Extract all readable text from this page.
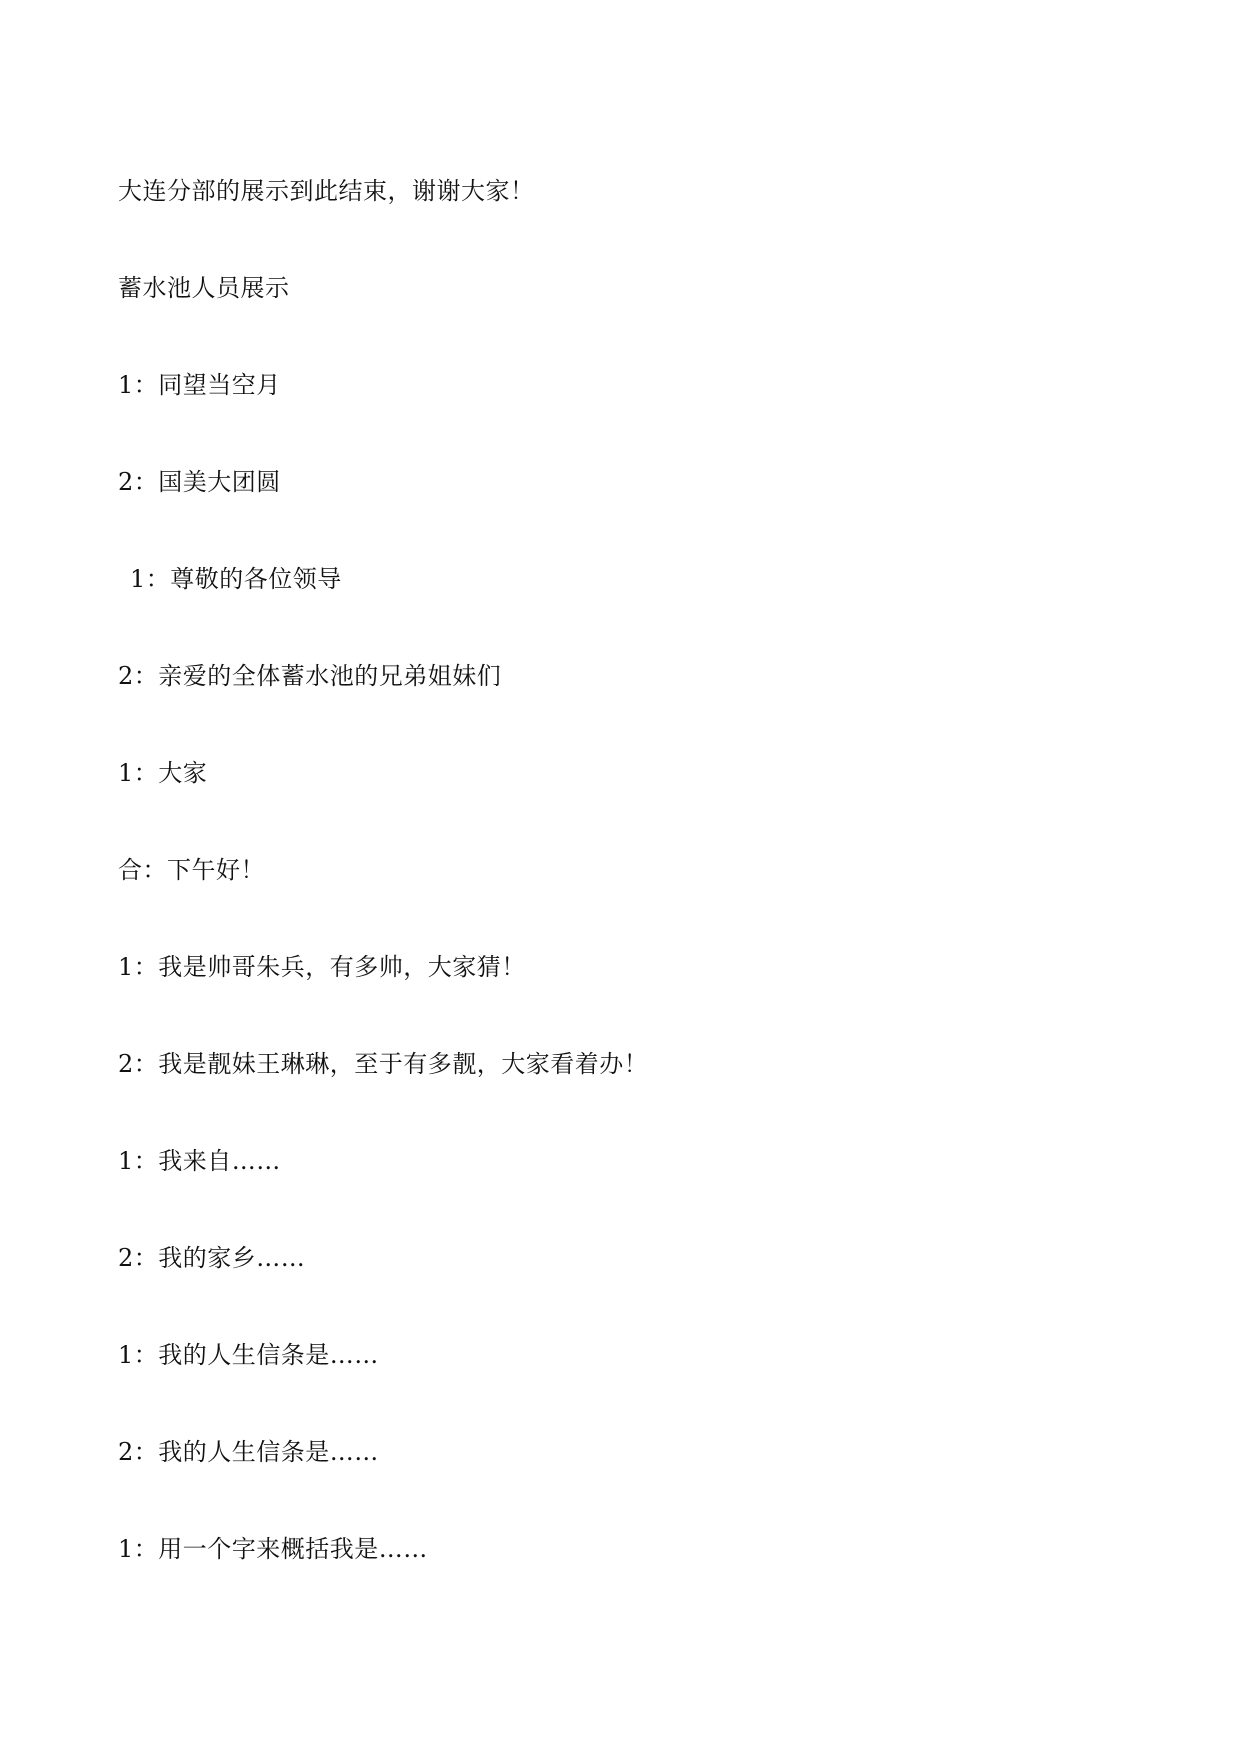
大连分部的展示到此结束，谢谢大家！
蓄水池人员展示
1：同望当空月
2：国美大团圆
1：尊敬的各位领导
2：亲爱的全体蓄水池的兄弟姐妹们
1：大家
合：下午好！
1：我是帅哥朱兵，有多帅，大家猜！
2：我是靓妹王琳琳，至于有多靓，大家看着办！
1：我来自……
2：我的家乡……
1：我的人生信条是……
2：我的人生信条是……
1：用一个字来概括我是……
